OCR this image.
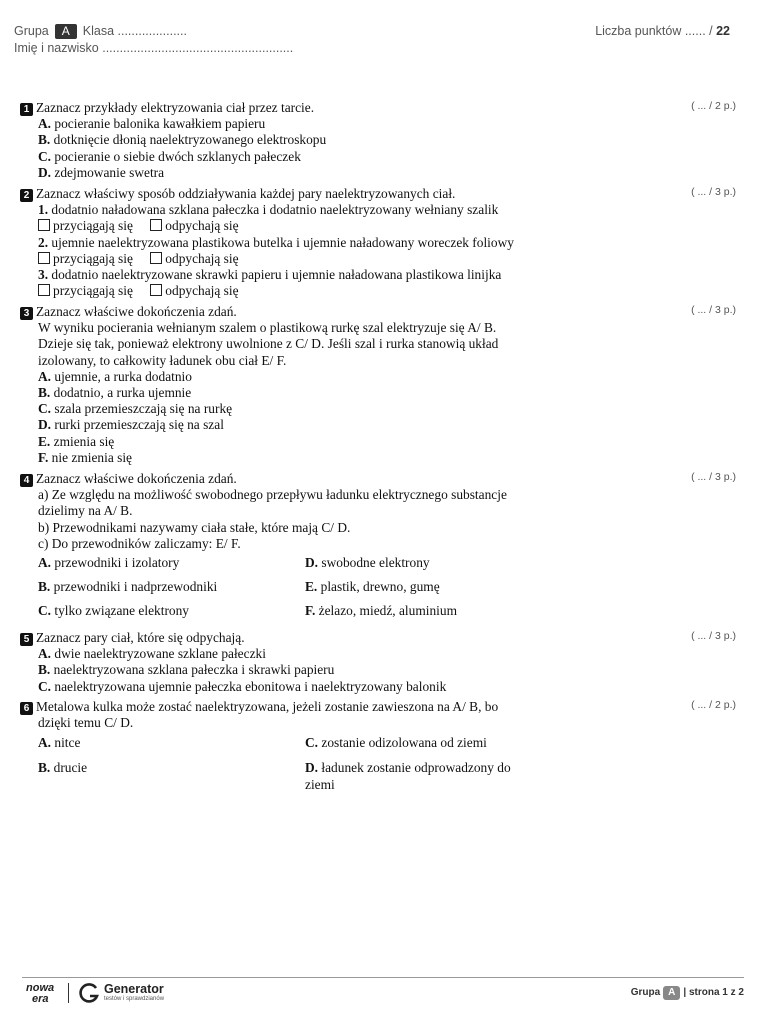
Grupa A Klasa ....................
Imię i nazwisko .......................................................
Liczba punktów ...... / 22
1 Zaznacz przykłady elektryzowania ciał przez tarcie.
A. pocieranie balonika kawałkiem papieru
B. dotknięcie dłonią naelektryzowanego elektroskopu
C. pocieranie o siebie dwóch szklanych pałeczek
D. zdejmowanie swetra
( ... / 2 p.)
2 Zaznacz właściwy sposób oddziaływania każdej pary naelektryzowanych ciał.
1. dodatnio naładowana szklana pałeczka i dodatnio naelektryzowany wełniany szalik
przyciągają się odpychają się
2. ujemnie naelektryzowana plastikowa butelka i ujemnie naładowany woreczek foliowy
przyciągają się odpychają się
3. dodatnio naelektryzowane skrawki papieru i ujemnie naładowana plastikowa linijka
przyciągają się odpychają się
( ... / 3 p.)
3 Zaznacz właściwe dokończenia zdań.
W wyniku pocierania wełnianym szalem o plastikową rurkę szal elektryzuje się A/ B.
Dzieje się tak, ponieważ elektrony uwolnione z C/ D. Jeśli szal i rurka stanowią układ
izolowany, to całkowity ładunek obu ciał E/ F.
A. ujemnie, a rurka dodatnio
B. dodatnio, a rurka ujemnie
C. szala przemieszczają się na rurkę
D. rurki przemieszczają się na szal
E. zmienia się
F. nie zmienia się
( ... / 3 p.)
4 Zaznacz właściwe dokończenia zdań.
a) Ze względu na możliwość swobodnego przepływu ładunku elektrycznego substancje
dzielimy na A/ B.
b) Przewodnikami nazywamy ciała stałe, które mają C/ D.
c) Do przewodników zaliczamy: E/ F.
A. przewodniki i izolatory	D. swobodne elektrony
B. przewodniki i nadprzewodniki	E. plastik, drewno, gumę
C. tylko związane elektrony	F. żelazo, miedź, aluminium
( ... / 3 p.)
5 Zaznacz pary ciał, które się odpychają.
A. dwie naelektryzowane szklane pałeczki
B. naelektryzowana szklana pałeczka i skrawki papieru
C. naelektryzowana ujemnie pałeczka ebonitowa i naelektryzowany balonik
( ... / 3 p.)
6 Metalowa kulka może zostać naelektryzowana, jeżeli zostanie zawieszona na A/ B, bo
dzięki temu C/ D.
A. nitce	C. zostanie odizolowana od ziemi
B. drucie	D. ładunek zostanie odprowadzony do
ziemi
( ... / 2 p.)
nowa
era
Generator
testów i sprawdzianów
Grupa A | strona 1 z 2
